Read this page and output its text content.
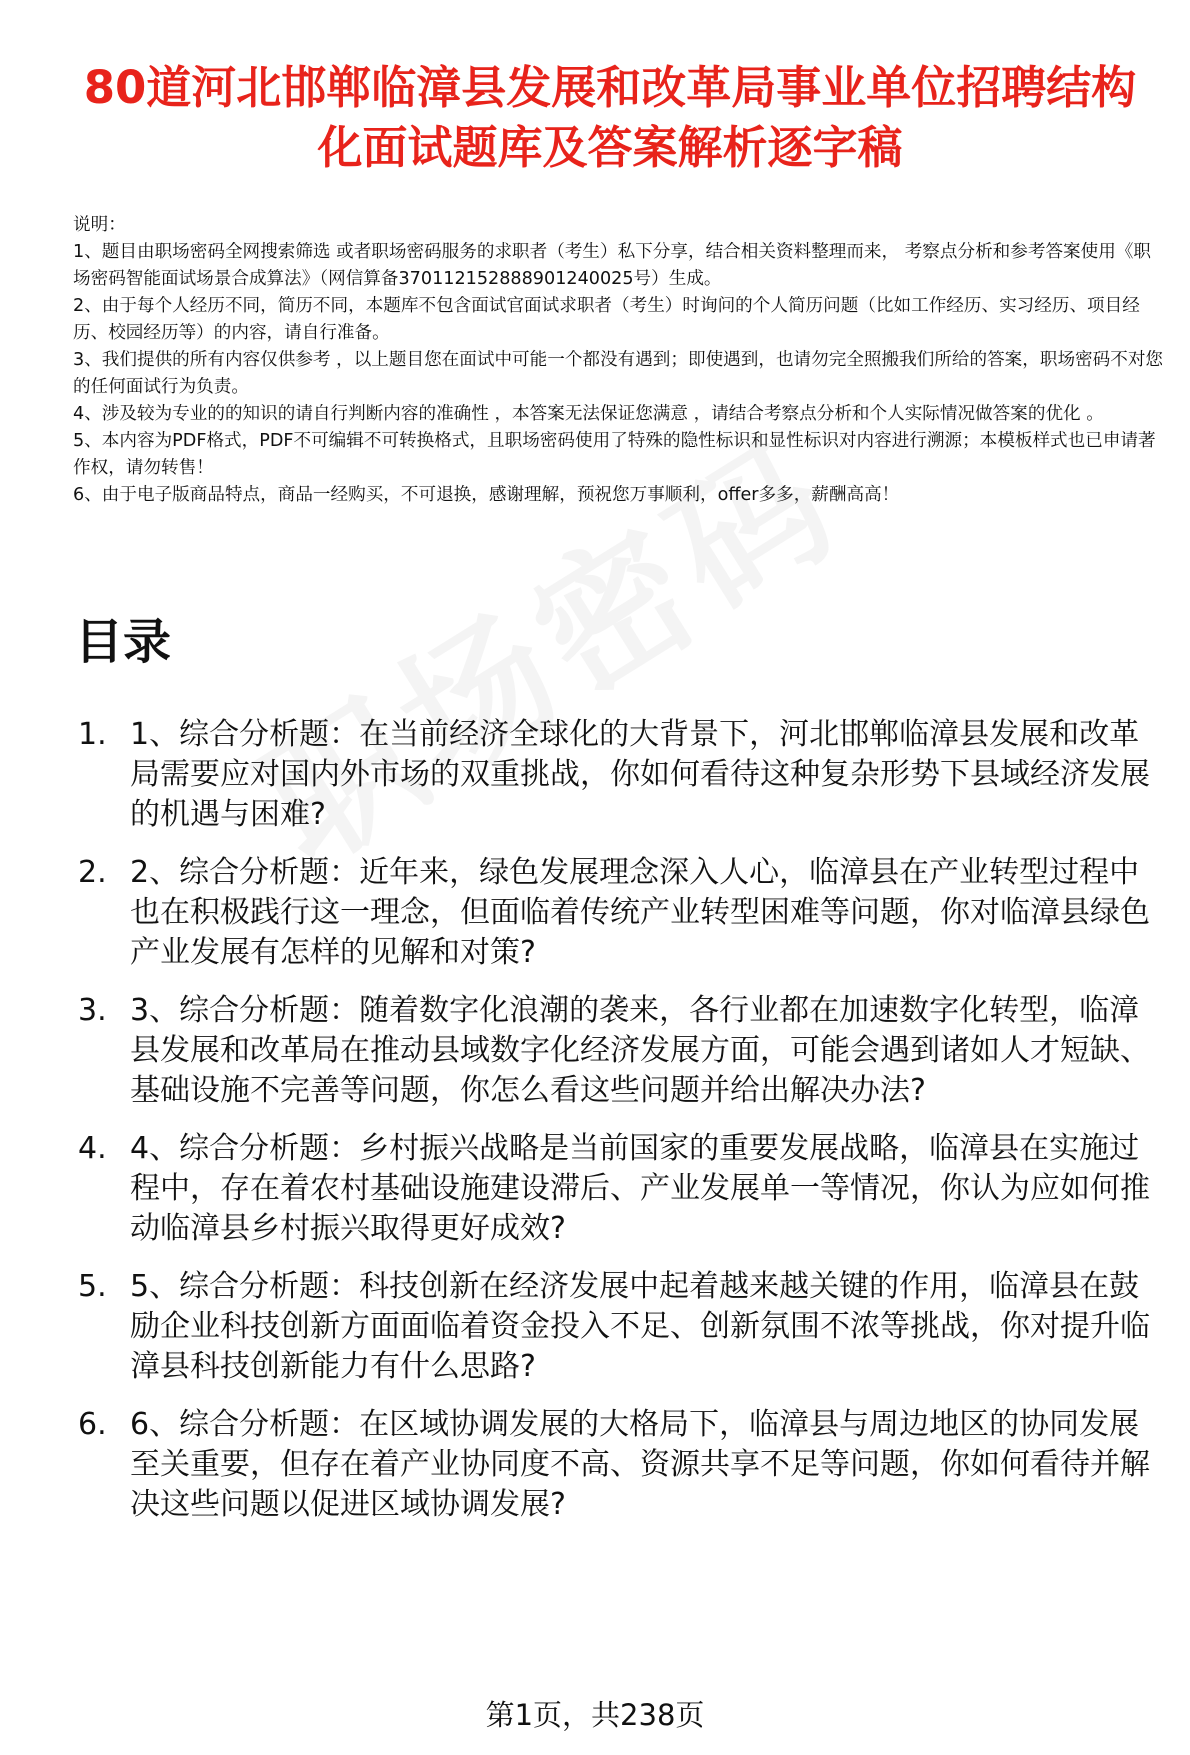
80道河北邯郸临漳县发展和改革局事业单位招聘结构化面试题库及答案解析逐字稿

说明：

1、题目由职场密码全网搜索筛选 或者职场密码服务的求职者（考生）私下分享，结合相关资料整理而来， 考察点分析和参考答案使用《职场密码智能面试场景合成算法》（网信算备370112152888901240025号）生成。

2、由于每个人经历不同，简历不同，本题库不包含面试官面试求职者（考生）时询问的个人简历问题（比如工作经历、实习经历、项目经历、校园经历等）的内容，请自行准备。

3、我们提供的所有内容仅供参考 ，以上题目您在面试中可能一个都没有遇到；即使遇到，也请勿完全照搬我们所给的答案，职场密码不对您的任何面试行为负责。

4、涉及较为专业的的知识的请自行判断内容的准确性 ，本答案无法保证您满意 ，请结合考察点分析和个人实际情况做答案的优化 。

5、本内容为PDF格式，PDF不可编辑不可转换格式，且职场密码使用了特殊的隐性标识和显性标识对内容进行溯源；本模板样式也已申请著作权，请勿转售！

6、由于电子版商品特点，商品一经购买，不可退换，感谢理解，预祝您万事顺利，offer多多，薪酬高高！

目录
1. 1、综合分析题：在当前经济全球化的大背景下，河北邯郸临漳县发展和改革局需要应对国内外市场的双重挑战，你如何看待这种复杂形势下县域经济发展的机遇与困难?
2. 2、综合分析题：近年来，绿色发展理念深入人心，临漳县在产业转型过程中也在积极践行这一理念，但面临着传统产业转型困难等问题，你对临漳县绿色产业发展有怎样的见解和对策?
3. 3、综合分析题：随着数字化浪潮的袭来，各行业都在加速数字化转型，临漳县发展和改革局在推动县域数字化经济发展方面，可能会遇到诸如人才短缺、基础设施不完善等问题，你怎么看这些问题并给出解决办法?
4. 4、综合分析题：乡村振兴战略是当前国家的重要发展战略，临漳县在实施过程中，存在着农村基础设施建设滞后、产业发展单一等情况，你认为应如何推动临漳县乡村振兴取得更好成效?
5. 5、综合分析题：科技创新在经济发展中起着越来越关键的作用，临漳县在鼓励企业科技创新方面面临着资金投入不足、创新氛围不浓等挑战，你对提升临漳县科技创新能力有什么思路?
6. 6、综合分析题：在区域协调发展的大格局下，临漳县与周边地区的协同发展至关重要，但存在着产业协同度不高、资源共享不足等问题，你如何看待并解决这些问题以促进区域协调发展?
第1页，共238页
